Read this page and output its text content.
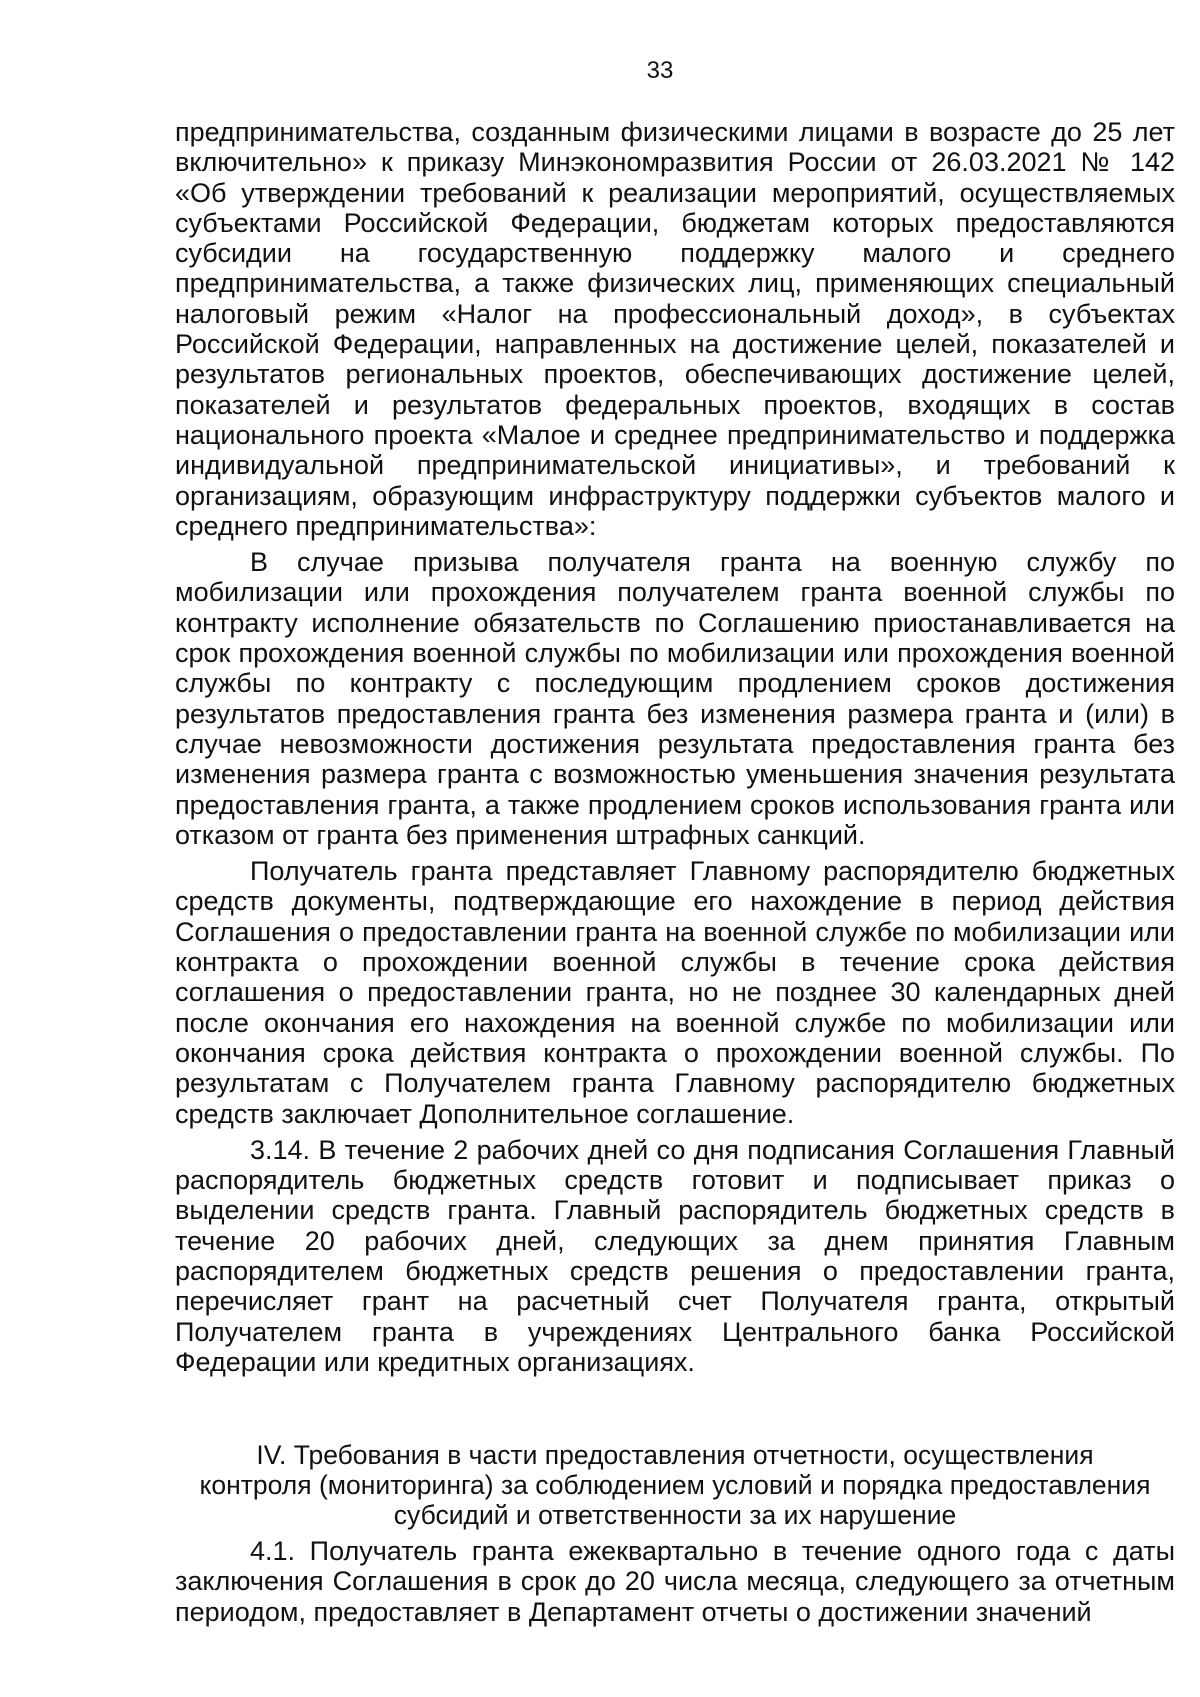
33

предпринимательства, созданным физическими лицами в возрасте до 25 лет включительно» к приказу Минэкономразвития России от 26.03.2021 № 142 «Об утверждении требований к реализации мероприятий, осуществляемых субъектами Российской Федерации, бюджетам которых предоставляются субсидии на государственную поддержку малого и среднего предпринимательства, а также физических лиц, применяющих специальный налоговый режим «Налог на профессиональный доход», в субъектах Российской Федерации, направленных на достижение целей, показателей и результатов региональных проектов, обеспечивающих достижение целей, показателей и результатов федеральных проектов, входящих в состав национального проекта «Малое и среднее предпринимательство и поддержка индивидуальной предпринимательской инициативы», и требований к организациям, образующим инфраструктуру поддержки субъектов малого и среднего предпринимательства»:

В случае призыва получателя гранта на военную службу по мобилизации или прохождения получателем гранта военной службы по контракту исполнение обязательств по Соглашению приостанавливается на срок прохождения военной службы по мобилизации или прохождения военной службы по контракту с последующим продлением сроков достижения результатов предоставления гранта без изменения размера гранта и (или) в случае невозможности достижения результата предоставления гранта без изменения размера гранта с возможностью уменьшения значения результата предоставления гранта, а также продлением сроков использования гранта или отказом от гранта без применения штрафных санкций.

Получатель гранта представляет Главному распорядителю бюджетных средств документы, подтверждающие его нахождение в период действия Соглашения о предоставлении гранта на военной службе по мобилизации или контракта о прохождении военной службы в течение срока действия соглашения о предоставлении гранта, но не позднее 30 календарных дней после окончания его нахождения на военной службе по мобилизации или окончания срока действия контракта о прохождении военной службы. По результатам с Получателем гранта Главному распорядителю бюджетных средств заключает Дополнительное соглашение.

3.14. В течение 2 рабочих дней со дня подписания Соглашения Главный распорядитель бюджетных средств готовит и подписывает приказ о выделении средств гранта. Главный распорядитель бюджетных средств в течение 20 рабочих дней, следующих за днем принятия Главным распорядителем бюджетных средств решения о предоставлении гранта, перечисляет грант на расчетный счет Получателя гранта, открытый Получателем гранта в учреждениях Центрального банка Российской Федерации или кредитных организациях.

IV. Требования в части предоставления отчетности, осуществления
контроля (мониторинга) за соблюдением условий и порядка предоставления
субсидий и ответственности за их нарушение

4.1. Получатель гранта ежеквартально в течение одного года с даты заключения Соглашения в срок до 20 числа месяца, следующего за отчетным периодом, предоставляет в Департамент отчеты о достижении значений
